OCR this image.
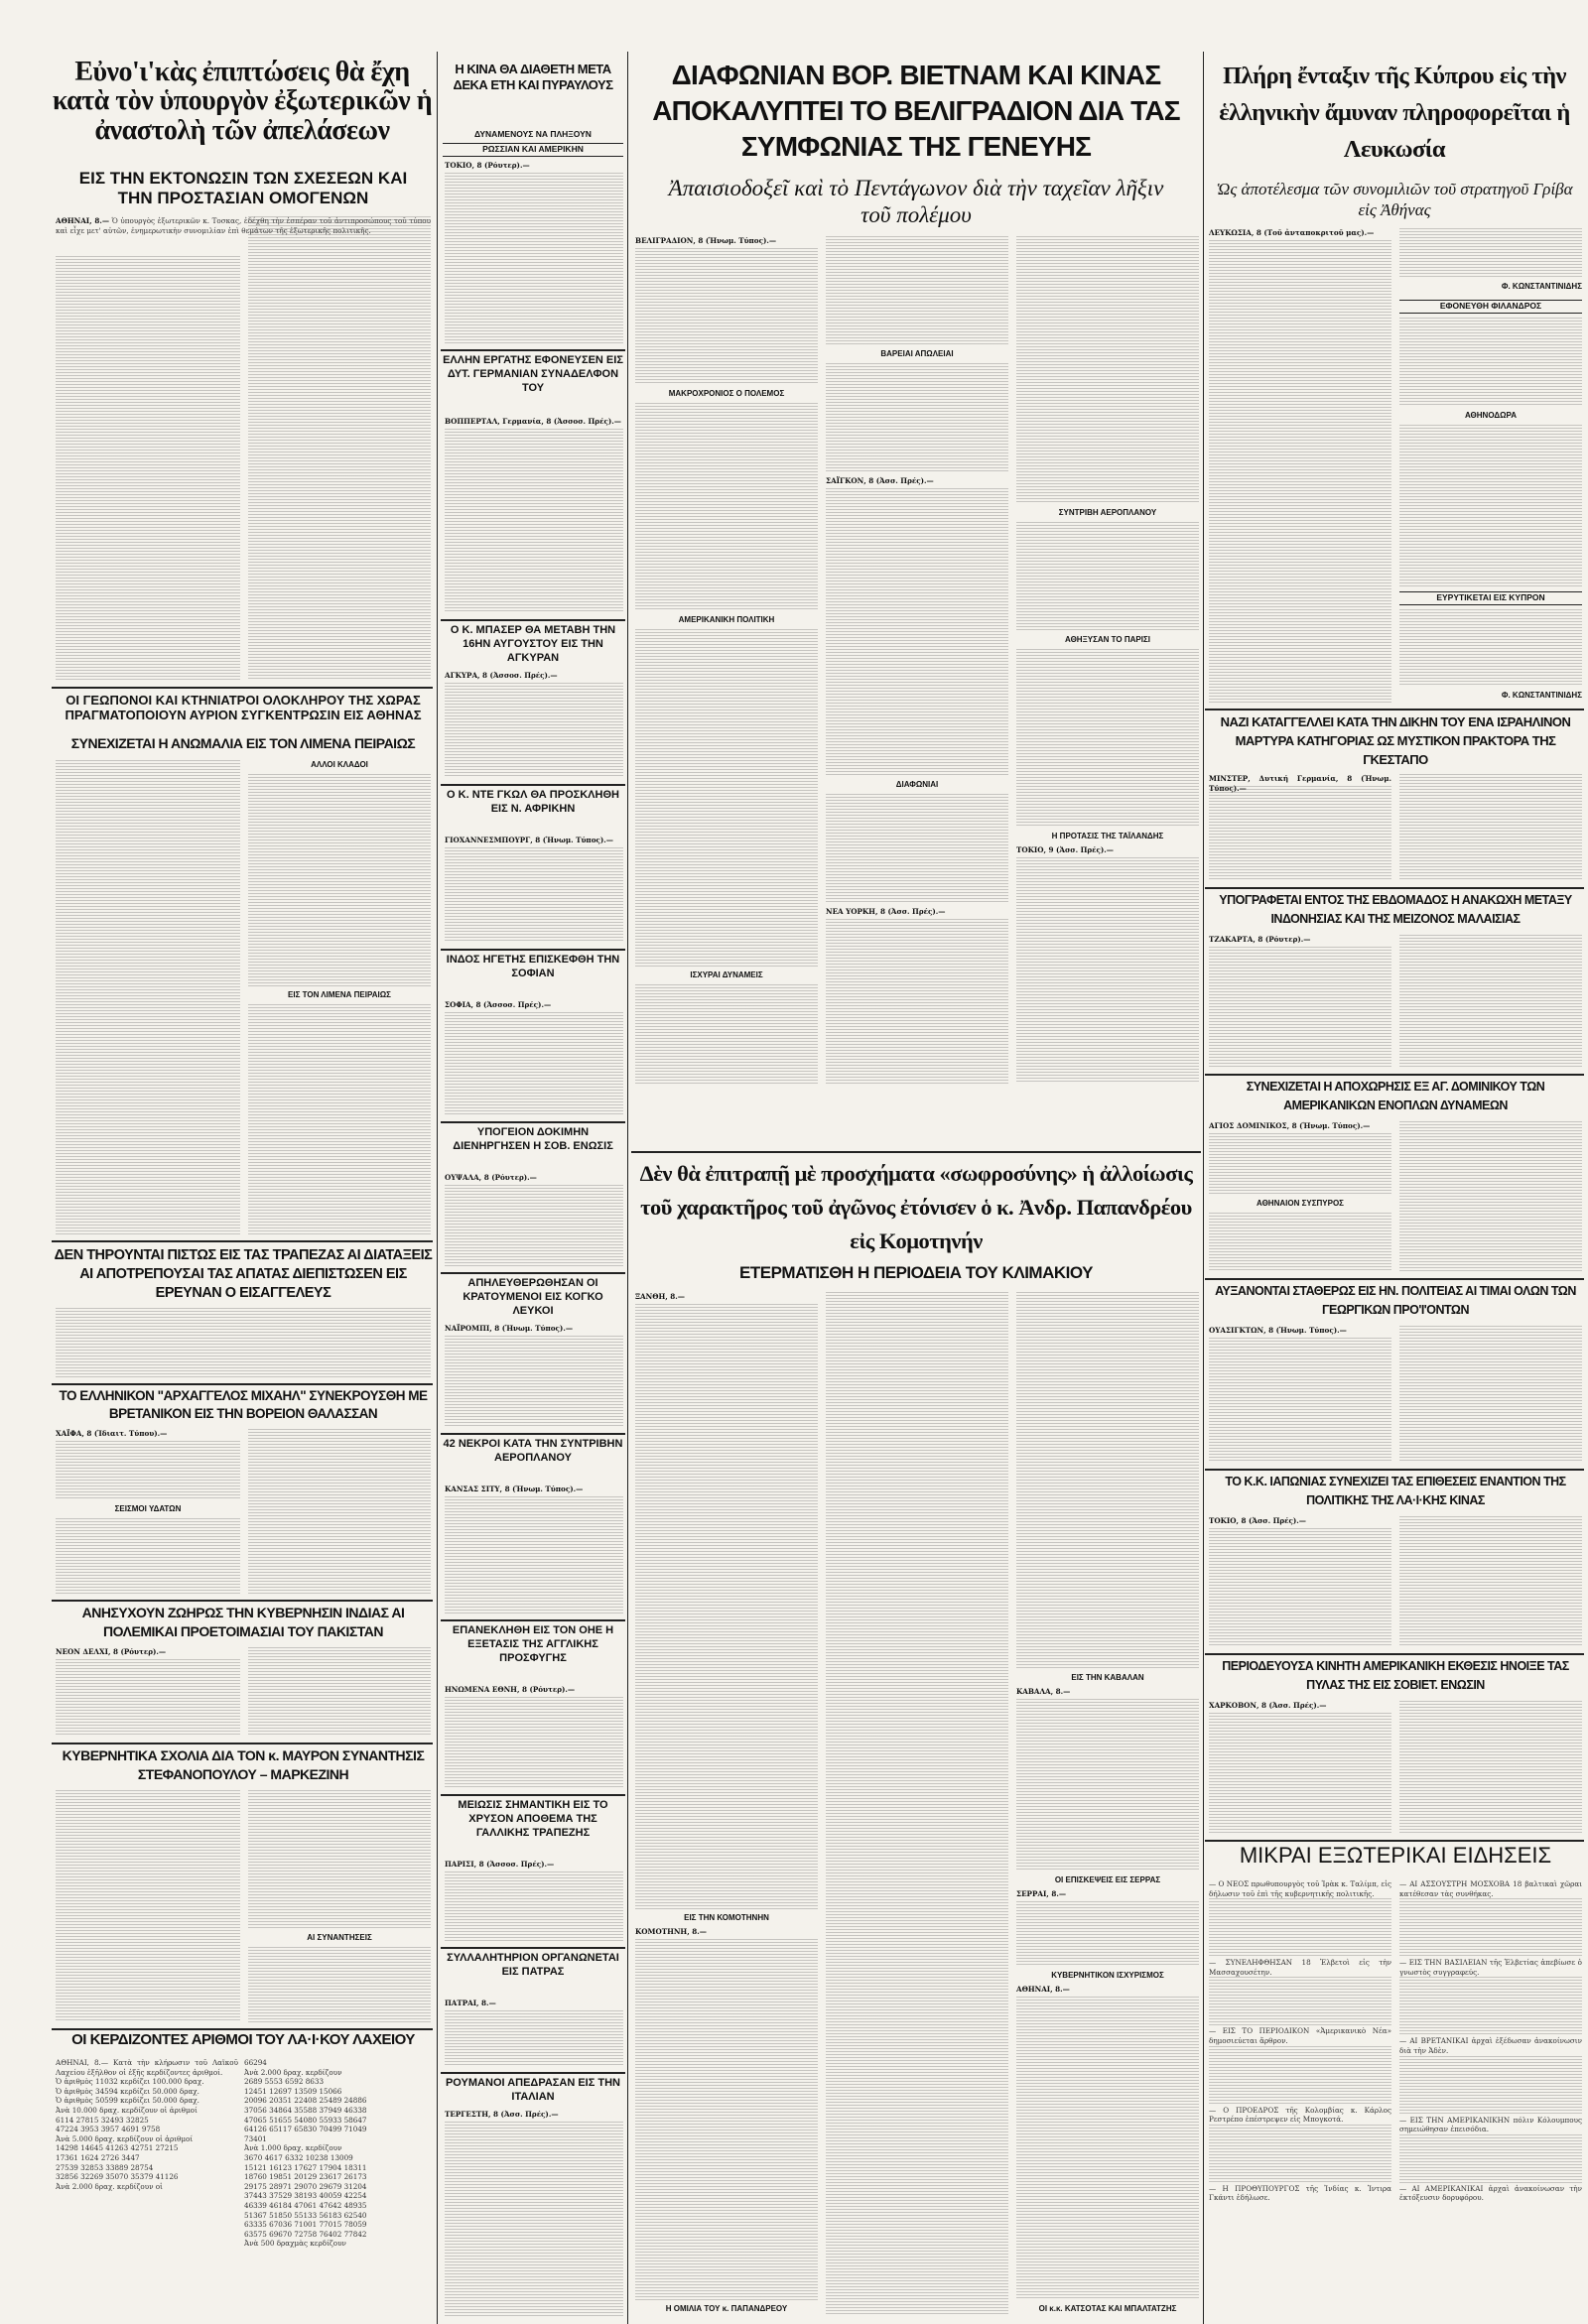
Εὐνο'ι'κὰς ἐπιπτώσεις θὰ ἔχη κατὰ τὸν ὑπουργὸν ἐξωτερικῶν ἡ ἀναστολὴ τῶν ἀπελάσεων
ΕΙΣ ΤΗΝ ΕΚΤΟΝΩΣΙΝ ΤΩΝ ΣΧΕΣΕΩΝ ΚΑΙ ΤΗΝ ΠΡΟΣΤΑΣΙΑΝ ΟΜΟΓΕΝΩΝ

ΑΘΗΝΑΙ, 8.— Ὁ ὑπουργὸς ἐξωτερικῶν κ. Τοσκας, ἐδέχθη τὴν ἐσπέραν τοῦ ἀντιπροσώπους τοῦ τύπου καὶ εἶχε μετ' αὐτῶν, ἐνημερωτικὴν συνομιλίαν ἐπὶ θεμάτων τῆς ἐξωτερικῆς πολιτικῆς.

ΟΙ ΓΕΩΠΟΝΟΙ ΚΑΙ ΚΤΗΝΙΑΤΡΟΙ ΟΛΟΚΛΗΡΟΥ ΤΗΣ ΧΩΡΑΣ ΠΡΑΓΜΑΤΟΠΟΙΟΥΝ ΑΥΡΙΟΝ ΣΥΓΚΕΝΤΡΩΣΙΝ ΕΙΣ ΑΘΗΝΑΣ
ΣΥΝΕΧΙΖΕΤΑΙ Η ΑΝΩΜΑΛΙΑ ΕΙΣ ΤΟΝ ΛΙΜΕΝΑ ΠΕΙΡΑΙΩΣ
ΑΛΛΟΙ ΚΛΑΔΟΙ
ΕΙΣ ΤΟΝ ΛΙΜΕΝΑ ΠΕΙΡΑΙΩΣ
ΔΕΝ ΤΗΡΟΥΝΤΑΙ ΠΙΣΤΩΣ ΕΙΣ ΤΑΣ ΤΡΑΠΕΖΑΣ ΑΙ ΔΙΑΤΑΞΕΙΣ ΑΙ ΑΠΟΤΡΕΠΟΥΣΑΙ ΤΑΣ ΑΠΑΤΑΣ ΔΙΕΠΙΣΤΩΣΕΝ ΕΙΣ ΕΡΕΥΝΑΝ Ο ΕΙΣΑΓΓΕΛΕΥΣ
ΤΟ ΕΛΛΗΝΙΚΟΝ "ΑΡΧΑΓΓΕΛΟΣ ΜΙΧΑΗΛ" ΣΥΝΕΚΡΟΥΣΘΗ ΜΕ ΒΡΕΤΑΝΙΚΟΝ ΕΙΣ ΤΗΝ ΒΟΡΕΙΟΝ ΘΑΛΑΣΣΑΝ

ΧΑΪΦΑ, 8 (Ἰδιαιτ. Τύπου).—

ΣΕΙΣΜΟΙ ΥΔΑΤΩΝ
ΑΝΗΣΥΧΟΥΝ ΖΩΗΡΩΣ ΤΗΝ ΚΥΒΕΡΝΗΣΙΝ ΙΝΔΙΑΣ ΑΙ ΠΟΛΕΜΙΚΑΙ ΠΡΟΕΤΟΙΜΑΣΙΑΙ ΤΟΥ ΠΑΚΙΣΤΑΝ

ΝΕΟΝ ΔΕΛΧΙ, 8 (Ρόυτερ).—

ΚΥΒΕΡΝΗΤΙΚΑ ΣΧΟΛΙΑ ΔΙΑ ΤΟΝ κ. ΜΑΥΡΟΝ ΣΥΝΑΝΤΗΣΙΣ ΣΤΕΦΑΝΟΠΟΥΛΟΥ – ΜΑΡΚΕΖΙΝΗ
ΑΙ ΣΥΝΑΝΤΗΣΕΙΣ
ΟΙ ΚΕΡΔΙΖΟΝΤΕΣ ΑΡΙΘΜΟΙ ΤΟΥ ΛΑ·Ι·ΚΟΥ ΛΑΧΕΙΟΥ

ΑΘΗΝΑΙ, 8.— Κατὰ τὴν κλήρωσιν τοῦ Λαϊκοῦ Λαχείου ἐξῆλθον οἱ ἑξῆς κερδίζοντες ἀριθμοί.

Ὁ ἀριθμὸς 11032 κερδίζει 100.000 δραχ.

Ὁ ἀριθμὸς 34594 κερδίζει 50.000 δραχ.

Ὁ ἀριθμὸς 50599 κερδίζει 50.000 δραχ.

Ἀνὰ 10.000 δραχ. κερδίζουν οἱ ἀριθμοί

6114 27815 32493 32825

47224 3953 3957 4691 9758

Ἀνὰ 5.000 δραχ. κερδίζουν οἱ ἀριθμοί

14298 14645 41263 42751 27215

17361 1624 2726 3447

27539 32853 33889 28754

32856 32269 35070 35379 41126

Ἀνὰ 2.000 δραχ. κερδίζουν οἱ

Η ΚΙΝΑ ΘΑ ΔΙΑΘΕΤΗ ΜΕΤΑ ΔΕΚΑ ΕΤΗ ΚΑΙ ΠΥΡΑΥΛΟΥΣ
ΔΥΝΑΜΕΝΟΥΣ ΝΑ ΠΛΗΞΟΥΝ
ΡΩΣΣΙΑΝ ΚΑΙ ΑΜΕΡΙΚΗΝ

ΤΟΚΙΟ, 8 (Ρόυτερ).—

ΕΛΛΗΝ ΕΡΓΑΤΗΣ ΕΦΟΝΕΥΣΕΝ ΕΙΣ ΔΥΤ. ΓΕΡΜΑΝΙΑΝ ΣΥΝΑΔΕΛΦΟΝ ΤΟΥ

ΒΟΠΠΕΡΤΑΛ, Γερμανία, 8 (Ἀσσοσ. Πρές).—

Ο Κ. ΜΠΑΣΕΡ ΘΑ ΜΕΤΑΒΗ ΤΗΝ 16ΗΝ ΑΥΓΟΥΣΤΟΥ ΕΙΣ ΤΗΝ ΑΓΚΥΡΑΝ

ΑΓΚΥΡΑ, 8 (Ἀσσοσ. Πρές).—

Ο Κ. ΝΤΕ ΓΚΩΛ ΘΑ ΠΡΟΣΚΛΗΘΗ ΕΙΣ Ν. ΑΦΡΙΚΗΝ

ΓΙΟΧΑΝΝΕΣΜΠΟΥΡΓ, 8 (Ἡνωμ. Τύπος).—

ΙΝΔΟΣ ΗΓΕΤΗΣ ΕΠΙΣΚΕΦΘΗ ΤΗΝ ΣΟΦΙΑΝ

ΣΟΦΙΑ, 8 (Ἀσσοσ. Πρές).—

ΥΠΟΓΕΙΟΝ ΔΟΚΙΜΗΝ ΔΙΕΝΗΡΓΗΣΕΝ Η ΣΟΒ. ΕΝΩΣΙΣ

ΟΥΨΑΛΑ, 8 (Ρόυτερ).—

ΑΠΗΛΕΥΘΕΡΩΘΗΣΑΝ ΟΙ ΚΡΑΤΟΥΜΕΝΟΙ ΕΙΣ ΚΟΓΚΟ ΛΕΥΚΟΙ

ΝΑΪΡΟΜΠΙ, 8 (Ἡνωμ. Τύπος).—

42 ΝΕΚΡΟΙ ΚΑΤΑ ΤΗΝ ΣΥΝΤΡΙΒΗΝ ΑΕΡΟΠΛΑΝΟΥ

ΚΑΝΣΑΣ ΣΙΤΥ, 8 (Ἡνωμ. Τύπος).—

ΕΠΑΝΕΚΛΗΘΗ ΕΙΣ ΤΟΝ ΟΗΕ Η ΕΞΕΤΑΣΙΣ ΤΗΣ ΑΓΓΛΙΚΗΣ ΠΡΟΣΦΥΓΗΣ

ΗΝΩΜΕΝΑ ΕΘΝΗ, 8 (Ρόυτερ).—

ΜΕΙΩΣΙΣ ΣΗΜΑΝΤΙΚΗ ΕΙΣ ΤΟ ΧΡΥΣΟΝ ΑΠΟΘΕΜΑ ΤΗΣ ΓΑΛΛΙΚΗΣ ΤΡΑΠΕΖΗΣ

ΠΑΡΙΣΙ, 8 (Ἀσσοσ. Πρές).—

ΣΥΛΛΑΛΗΤΗΡΙΟΝ ΟΡΓΑΝΩΝΕΤΑΙ ΕΙΣ ΠΑΤΡΑΣ

ΠΑΤΡΑΙ, 8.—

ΡΟΥΜΑΝΟΙ ΑΠΕΔΡΑΣΑΝ ΕΙΣ ΤΗΝ ΙΤΑΛΙΑΝ

ΤΕΡΓΕΣΤΗ, 8 (Ἀσσ. Πρές).—

66294

Ἀνὰ 2.000 δραχ. κερδίζουν

2689 5553 6592 8633

12451 12697 13509 15066

20096 20351 22408 25489 24886

37056 34864 35588 37949 46338

47065 51655 54080 55933 58647

64126 65117 65830 70499 71049

73401

Ἀνὰ 1.000 δραχ. κερδίζουν

3670 4617 6332 10238 13009

15121 16123 17627 17904 18311

18760 19851 20129 23617 26173

29175 28971 29070 29679 31204

37443 37529 38193 40059 42254

46339 46184 47061 47642 48935

51367 51850 55133 56183 62540

63335 67036 71001 77015 78059

63575 69670 72758 76402 77842

Ἀνὰ 500 δραχμὰς κερδίζουν

ΔΙΑΦΩΝΙΑΝ ΒΟΡ. ΒΙΕΤΝΑΜ ΚΑΙ ΚΙΝΑΣ ΑΠΟΚΑΛΥΠΤΕΙ ΤΟ ΒΕΛΙΓΡΑΔΙΟΝ ΔΙΑ ΤΑΣ ΣΥΜΦΩΝΙΑΣ ΤΗΣ ΓΕΝΕΥΗΣ
Ἀπαισιοδοξεῖ καὶ τὸ Πεντάγωνον διὰ τὴν ταχεῖαν λῆξιν τοῦ πολέμου

ΒΕΛΙΓΡΑΔΙΟΝ, 8 (Ἡνωμ. Τύπος).—

ΜΑΚΡΟΧΡΟΝΙΟΣ Ο ΠΟΛΕΜΟΣ
ΑΜΕΡΙΚΑΝΙΚΗ ΠΟΛΙΤΙΚΗ
ΙΣΧΥΡΑΙ ΔΥΝΑΜΕΙΣ
ΒΑΡΕΙΑΙ ΑΠΩΛΕΙΑΙ

ΣΑΪΓΚΟΝ, 8 (Ἀσσ. Πρές).—

ΔΙΑΦΩΝΙΑΙ

ΝΕΑ ΥΟΡΚΗ, 8 (Ἀσσ. Πρές).—

ΣΥΝΤΡΙΒΗ ΑΕΡΟΠΛΑΝΟΥ
ΑΘΗΞΥΣΑΝ ΤΟ ΠΑΡΙΣΙ
Η ΠΡΟΤΑΣΙΣ ΤΗΣ ΤΑΪΛΑΝΔΗΣ

ΤΟΚΙΟ, 9 (Ἀσσ. Πρές).—

Δὲν θὰ ἐπιτραπῇ μὲ προσχήματα «σωφροσύνης» ἡ ἀλλοίωσις τοῦ χαρακτῆρος τοῦ ἀγῶνος ἐτόνισεν ὁ κ. Ἀνδρ. Παπανδρέου εἰς Κομοτηνήν
ΕΤΕΡΜΑΤΙΣΘΗ Η ΠΕΡΙΟΔΕΙΑ ΤΟΥ ΚΛΙΜΑΚΙΟΥ

ΞΑΝΘΗ, 8.—

ΕΙΣ ΤΗΝ ΚΟΜΟΤΗΝΗΝ

ΚΟΜΟΤΗΝΗ, 8.—

Η ΟΜΙΛΙΑ ΤΟΥ κ. ΠΑΠΑΝΔΡΕΟΥ
ΕΙΣ ΤΗΝ ΚΑΒΑΛΑΝ

ΚΑΒΑΛΑ, 8.—

ΟΙ ΕΠΙΣΚΕΨΕΙΣ ΕΙΣ ΣΕΡΡΑΣ

ΣΕΡΡΑΙ, 8.—

ΚΥΒΕΡΝΗΤΙΚΟΝ ΙΣΧΥΡΙΣΜΟΣ

ΑΘΗΝΑΙ, 8.—

ΟΙ κ.κ. ΚΑΤΣΟΤΑΣ ΚΑΙ ΜΠΑΛΤΑΤΖΗΣ
Πλήρη ἔνταξιν τῆς Κύπρου εἰς τὴν ἑλληνικὴν ἄμυναν πληροφορεῖται ἡ Λευκωσία
Ὡς ἀποτέλεσμα τῶν συνομιλιῶν τοῦ στρατηγοῦ Γρίβα εἰς Ἀθήνας

ΛΕΥΚΩΣΙΑ, 8 (Τοῦ ἀνταποκριτοῦ μας).—

Φ. ΚΩΝΣΤΑΝΤΙΝΙΔΗΣ
ΕΦΟΝΕΥΘΗ ΦΙΛΑΝΔΡΟΣ
ΑΘΗΝΟΔΩΡΑ
ΕΥΡΥΤΙΚΕΤΑΙ ΕΙΣ ΚΥΠΡΟΝ
Φ. ΚΩΝΣΤΑΝΤΙΝΙΔΗΣ
ΝΑΖΙ ΚΑΤΑΓΓΕΛΛΕΙ ΚΑΤΑ ΤΗΝ ΔΙΚΗΝ ΤΟΥ ΕΝΑ ΙΣΡΑΗΛΙΝΟΝ ΜΑΡΤΥΡΑ ΚΑΤΗΓΟΡΙΑΣ ΩΣ ΜΥΣΤΙΚΟΝ ΠΡΑΚΤΟΡΑ ΤΗΣ ΓΚΕΣΤΑΠΟ

ΜΙΝΣΤΕΡ, Δυτική Γερμανία, 8 (Ἡνωμ. Τύπος).—

ΥΠΟΓΡΑΦΕΤΑΙ ΕΝΤΟΣ ΤΗΣ ΕΒΔΟΜΑΔΟΣ Η ΑΝΑΚΩΧΗ ΜΕΤΑΞΥ ΙΝΔΟΝΗΣΙΑΣ ΚΑΙ ΤΗΣ ΜΕΙΖΟΝΟΣ ΜΑΛΑΙΣΙΑΣ

ΤΖΑΚΑΡΤΑ, 8 (Ρόυτερ).—

ΣΥΝΕΧΙΖΕΤΑΙ Η ΑΠΟΧΩΡΗΣΙΣ ΕΞ ΑΓ. ΔΟΜΙΝΙΚΟΥ ΤΩΝ ΑΜΕΡΙΚΑΝΙΚΩΝ ΕΝΟΠΛΩΝ ΔΥΝΑΜΕΩΝ

ΑΓΙΟΣ ΔΟΜΙΝΙΚΟΣ, 8 (Ἡνωμ. Τύπος).—

ΑΘΗΝΑΙΟΝ ΣΥΣΠΥΡΟΣ
ΑΥΞΑΝΟΝΤΑΙ ΣΤΑΘΕΡΩΣ ΕΙΣ ΗΝ. ΠΟΛΙΤΕΙΑΣ ΑΙ ΤΙΜΑΙ ΟΛΩΝ ΤΩΝ ΓΕΩΡΓΙΚΩΝ ΠΡΟ'Ι'ΟΝΤΩΝ

ΟΥΑΣΙΓΚΤΩΝ, 8 (Ἡνωμ. Τύπος).—

ΤΟ Κ.Κ. ΙΑΠΩΝΙΑΣ ΣΥΝΕΧΙΖΕΙ ΤΑΣ ΕΠΙΘΕΣΕΙΣ ΕΝΑΝΤΙΟΝ ΤΗΣ ΠΟΛΙΤΙΚΗΣ ΤΗΣ ΛΑ·Ι·ΚΗΣ ΚΙΝΑΣ

ΤΟΚΙΟ, 8 (Ἀσσ. Πρές).—

ΠΕΡΙΟΔΕΥΟΥΣΑ ΚΙΝΗΤΗ ΑΜΕΡΙΚΑΝΙΚΗ ΕΚΘΕΣΙΣ ΗΝΟΙΞΕ ΤΑΣ ΠΥΛΑΣ ΤΗΣ ΕΙΣ ΣΟΒΙΕΤ. ΕΝΩΣΙΝ

ΧΑΡΚΟΒΟΝ, 8 (Ἀσσ. Πρές).—

ΜΙΚΡΑΙ ΕΞΩΤΕΡΙΚΑΙ ΕΙΔΗΣΕΙΣ

— Ο ΝΕΟΣ πρωθυπουργὸς τοῦ Ἰρὰκ κ. Ταλίμπ, εἰς δήλωσιν τοῦ ἐπὶ τῆς κυβερνητικῆς πολιτικῆς.

— ΣΥΝΕΛΗΦΘΗΣΑΝ 18 Ἐλβετοὶ εἰς τὴν Μασσαχουσέτην.

— ΕΙΣ ΤΟ ΠΕΡΙΟΔΙΚΟΝ «Ἀμερικανικὸ Νέα» δημοσιεύεται ἄρθρον.

— Ο ΠΡΟΕΔΡΟΣ τῆς Κολομβίας κ. Κάρλος Ρεστρέπο ἐπέστρεψεν εἰς Μπογκοτά.

— Η ΠΡΟΘΥΠΟΥΡΓΟΣ τῆς Ἰνδίας κ. Ἰντιρα Γκάντι ἐδήλωσε.

— ΑΙ ΑΣΣΟΥΣΤΡΗ ΜΟΣΧΟΒΑ 18 βαλτικαὶ χῶραι κατέθεσαν τὰς συνθήκας.

— ΕΙΣ ΤΗΝ ΒΑΣΙΛΕΙΑΝ τῆς Ἑλβετίας ἀπεβίωσε ὁ γνωστὸς συγγραφεύς.

— ΑΙ ΒΡΕΤΑΝΙΚΑΙ ἀρχαὶ ἐξέδωσαν ἀνακοίνωσιν διὰ τὴν Ἀδὲν.

— ΕΙΣ ΤΗΝ ΑΜΕΡΙΚΑΝΙΚΗΝ πόλιν Κόλουμπους σημειώθησαν ἐπεισόδια.

— ΑΙ ΑΜΕΡΙΚΑΝΙΚΑΙ ἀρχαὶ ἀνακοίνωσαν τὴν ἐκτόξευσιν δορυφόρου.
